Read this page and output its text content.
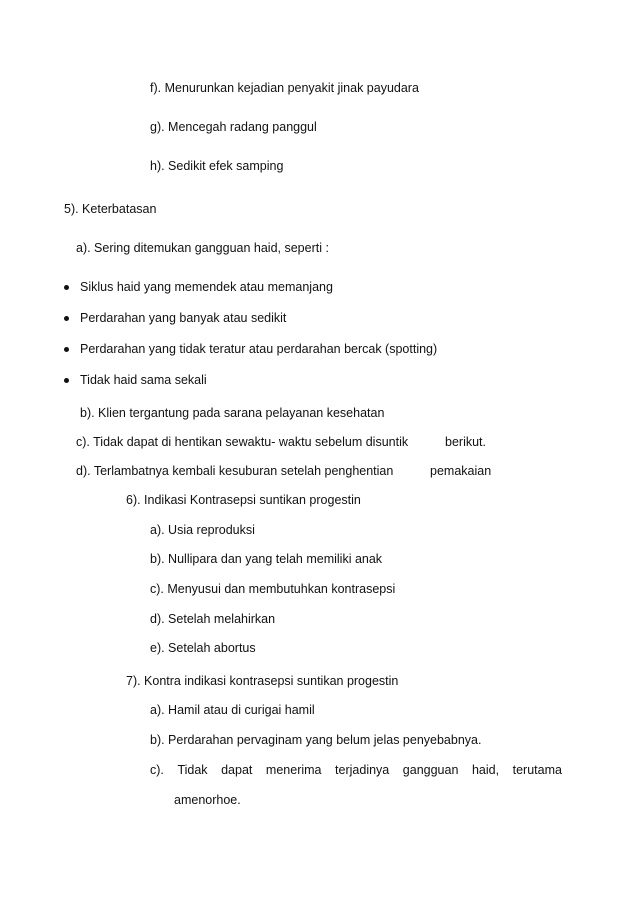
f). Menurunkan kejadian penyakit jinak payudara
g). Mencegah radang panggul
h). Sedikit efek samping
5). Keterbatasan
a). Sering ditemukan gangguan haid, seperti :
Siklus haid yang memendek atau memanjang
Perdarahan yang banyak atau sedikit
Perdarahan yang tidak teratur atau perdarahan bercak (spotting)
Tidak haid sama sekali
b). Klien tergantung pada sarana pelayanan kesehatan
c). Tidak dapat di hentikan sewaktu- waktu sebelum disuntik	berikut.
d). Terlambatnya kembali kesuburan setelah penghentian	pemakaian
6). Indikasi Kontrasepsi suntikan progestin
a). Usia reproduksi
b). Nullipara dan yang telah memiliki anak
c). Menyusui dan membutuhkan kontrasepsi
d). Setelah melahirkan
e). Setelah abortus
7). Kontra indikasi kontrasepsi suntikan progestin
a). Hamil atau di curigai hamil
b). Perdarahan pervaginam yang belum jelas penyebabnya.
c). Tidak dapat menerima terjadinya gangguan haid, terutama
amenorhoe.
